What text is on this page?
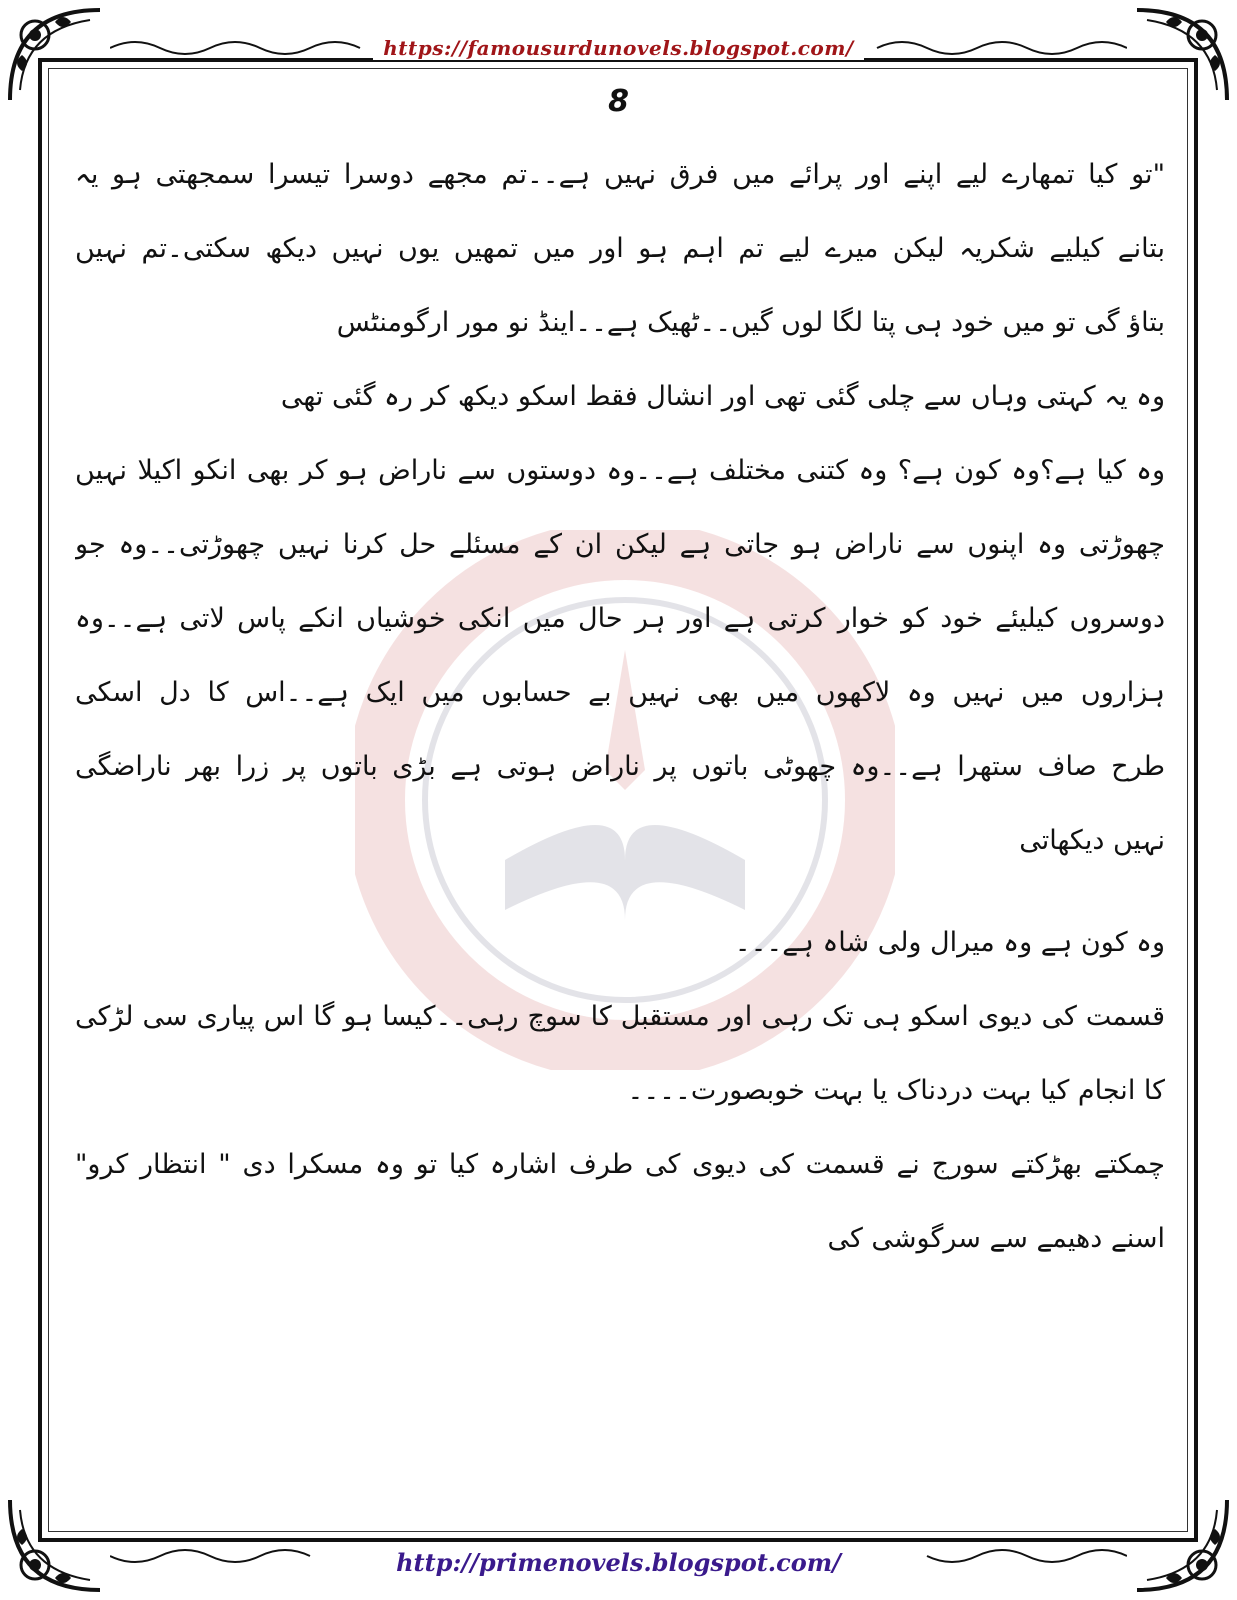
https://famousurdunovels.blogspot.com/
8
http://primenovels.blogspot.com/
"تو کیا تمھارے لیے اپنے اور پرائے میں فرق نہیں ہے۔۔تم مجھے دوسرا تیسرا سمجھتی ہو یہ
بتانے کیلیے شکریہ لیکن میرے لیے تم اہم ہو اور میں تمھیں یوں نہیں دیکھ سکتی۔تم نہیں
بتاؤ گی تو میں خود ہی پتا لگا لوں گیں۔۔ٹھیک ہے۔۔اینڈ نو مور ارگومنٹس
وہ یہ کہتی وہاں سے چلی گئی تھی اور انشال فقط اسکو دیکھ کر رہ گئی تھی
وہ کیا ہے؟وہ کون ہے؟ وہ کتنی مختلف ہے۔۔وہ دوستوں سے ناراض ہو کر بھی انکو اکیلا نہیں
چھوڑتی وہ اپنوں سے ناراض ہو جاتی ہے لیکن ان کے مسئلے حل کرنا نہیں چھوڑتی۔۔وہ جو
دوسروں کیلیئے خود کو خوار کرتی ہے اور ہر حال میں انکی خوشیاں انکے پاس لاتی ہے۔۔وہ
ہزاروں میں نہیں وہ لاکھوں میں بھی نہیں بے حسابوں میں ایک ہے۔۔اس کا دل اسکی
طرح صاف ستھرا ہے۔۔وہ چھوٹی باتوں پر ناراض ہوتی ہے بڑی باتوں پر زرا بھر ناراضگی
نہیں دیکھاتی
وہ کون ہے وہ میرال ولی شاہ ہے۔۔۔
قسمت کی دیوی اسکو ہی تک رہی اور مستقبل کا سوچ رہی۔۔کیسا ہو گا اس پیاری سی لڑکی
کا انجام کیا بہت دردناک یا بہت خوبصورت۔۔۔۔
چمکتے بھڑکتے سورج نے قسمت کی دیوی کی طرف اشارہ کیا تو وہ مسکرا دی " انتظار کرو"
اسنے دھیمے سے سرگوشی کی
